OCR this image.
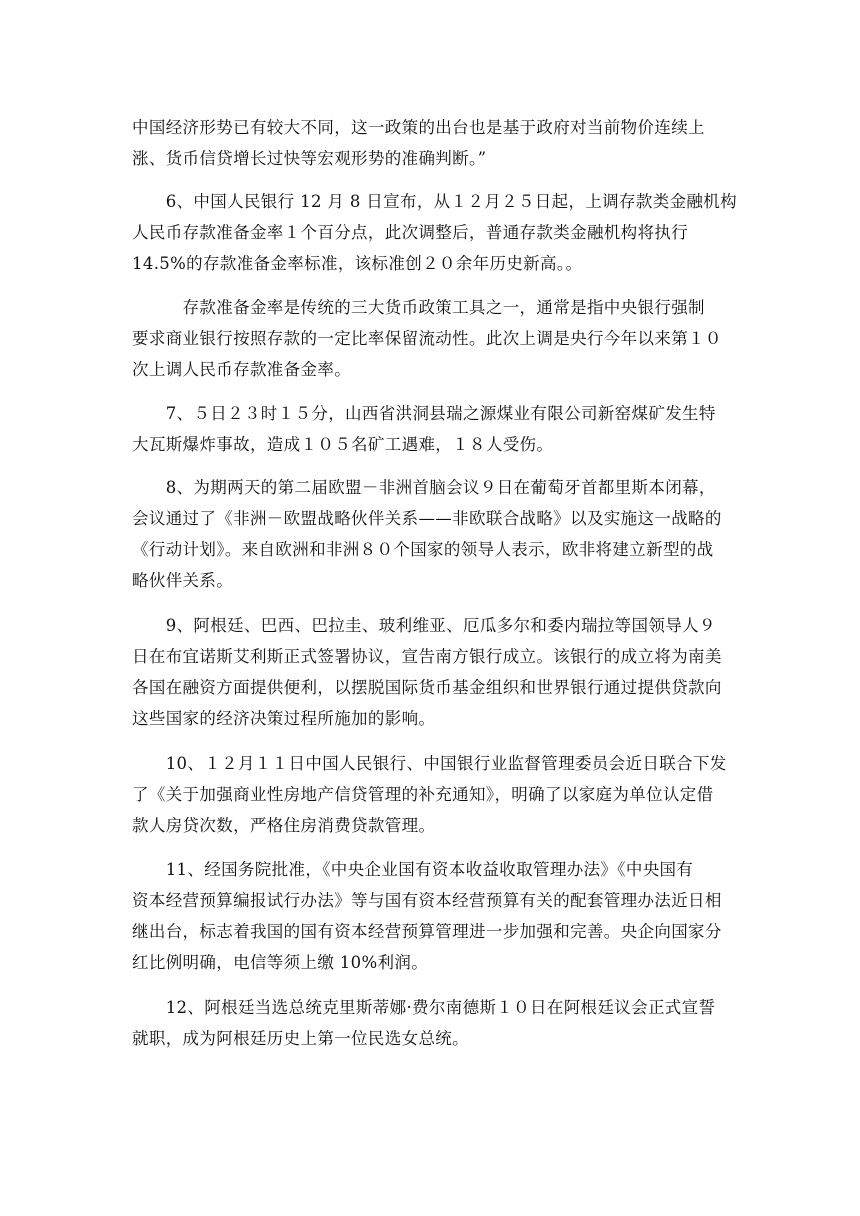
中国经济形势已有较大不同，这一政策的出台也是基于政府对当前物价连续上
涨、货币信贷增长过快等宏观形势的准确判断。”

　　6、中国人民银行 12 月 8 日宣布，从１２月２５日起，上调存款类金融机构
人民币存款准备金率１个百分点，此次调整后，普通存款类金融机构将执行
14.5%的存款准备金率标准，该标准创２０余年历史新高。。

　　　存款准备金率是传统的三大货币政策工具之一，通常是指中央银行强制
要求商业银行按照存款的一定比率保留流动性。此次上调是央行今年以来第１０
次上调人民币存款准备金率。

　　7、５日２３时１５分，山西省洪洞县瑞之源煤业有限公司新窑煤矿发生特
大瓦斯爆炸事故，造成１０５名矿工遇难，１８人受伤。

　　8、为期两天的第二届欧盟－非洲首脑会议９日在葡萄牙首都里斯本闭幕，
会议通过了《非洲－欧盟战略伙伴关系——非欧联合战略》以及实施这一战略的
《行动计划》。来自欧洲和非洲８０个国家的领导人表示，欧非将建立新型的战
略伙伴关系。

　　9、阿根廷、巴西、巴拉圭、玻利维亚、厄瓜多尔和委内瑞拉等国领导人９
日在布宜诺斯艾利斯正式签署协议，宣告南方银行成立。该银行的成立将为南美
各国在融资方面提供便利，以摆脱国际货币基金组织和世界银行通过提供贷款向
这些国家的经济决策过程所施加的影响。

　　10、１２月１１日中国人民银行、中国银行业监督管理委员会近日联合下发
了《关于加强商业性房地产信贷管理的补充通知》，明确了以家庭为单位认定借
款人房贷次数，严格住房消费贷款管理。

　　11、经国务院批准，《中央企业国有资本收益收取管理办法》《中央国有
资本经营预算编报试行办法》等与国有资本经营预算有关的配套管理办法近日相
继出台，标志着我国的国有资本经营预算管理进一步加强和完善。央企向国家分
红比例明确，电信等须上缴 10%利润。

　　12、阿根廷当选总统克里斯蒂娜·费尔南德斯１０日在阿根廷议会正式宣誓
就职，成为阿根廷历史上第一位民选女总统。
